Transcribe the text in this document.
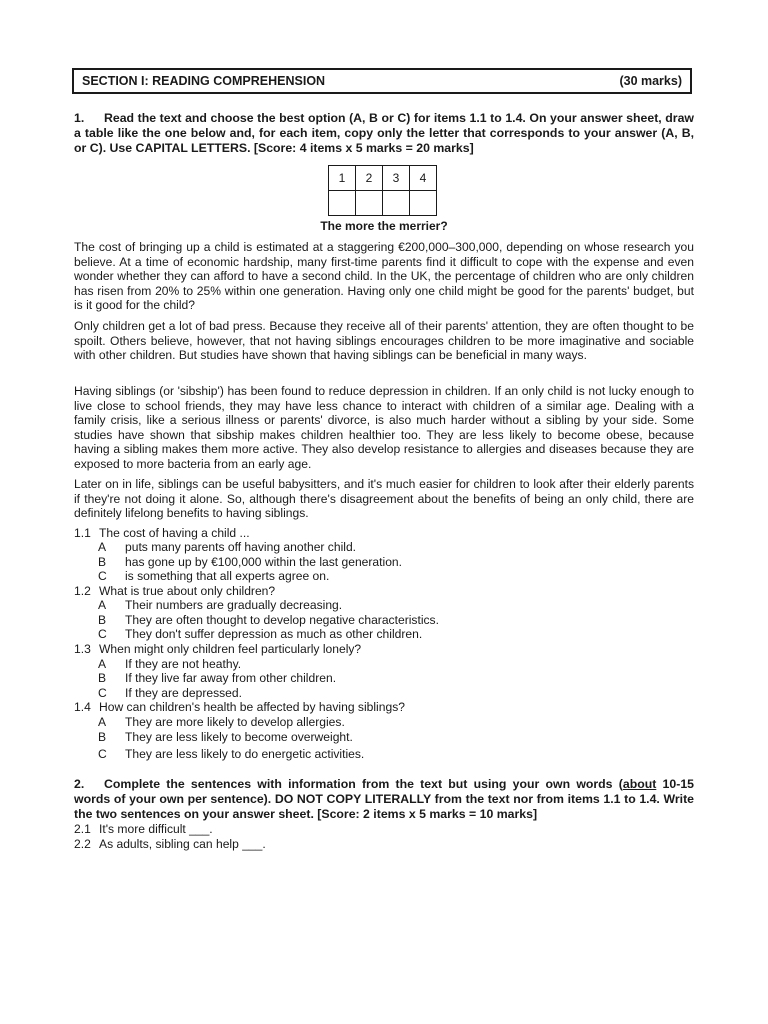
SECTION I: READING COMPREHENSION	(30 marks)
1. Read the text and choose the best option (A, B or C) for items 1.1 to 1.4. On your answer sheet, draw a table like the one below and, for each item, copy only the letter that corresponds to your answer (A, B, or C). Use CAPITAL LETTERS. [Score: 4 items x 5 marks = 20 marks]
1	2	3	4

The more the merrier?
The cost of bringing up a child is estimated at a staggering €200,000–300,000, depending on whose research you believe. At a time of economic hardship, many first-time parents find it difficult to cope with the expense and even wonder whether they can afford to have a second child. In the UK, the percentage of children who are only children has risen from 20% to 25% within one generation. Having only one child might be good for the parents' budget, but is it good for the child?
Only children get a lot of bad press. Because they receive all of their parents' attention, they are often thought to be spoilt. Others believe, however, that not having siblings encourages children to be more imaginative and sociable with other children. But studies have shown that having siblings can be beneficial in many ways.
Having siblings (or 'sibship') has been found to reduce depression in children. If an only child is not lucky enough to live close to school friends, they may have less chance to interact with children of a similar age. Dealing with a family crisis, like a serious illness or parents' divorce, is also much harder without a sibling by your side. Some studies have shown that sibship makes children healthier too. They are less likely to become obese, because having a sibling makes them more active. They also develop resistance to allergies and diseases because they are exposed to more bacteria from an early age.
Later on in life, siblings can be useful babysitters, and it's much easier for children to look after their elderly parents if they're not doing it alone. So, although there's disagreement about the benefits of being an only child, there are definitely lifelong benefits to having siblings.
1.1 The cost of having a child ...
A puts many parents off having another child.
B has gone up by €100,000 within the last generation.
C is something that all experts agree on.
1.2 What is true about only children?
A Their numbers are gradually decreasing.
B They are often thought to develop negative characteristics.
C They don't suffer depression as much as other children.
1.3 When might only children feel particularly lonely?
A If they are not heathy.
B If they live far away from other children.
C If they are depressed.
1.4 How can children's health be affected by having siblings?
A They are more likely to develop allergies.
B They are less likely to become overweight.
C They are less likely to do energetic activities.
2. Complete the sentences with information from the text but using your own words (about 10-15 words of your own per sentence). DO NOT COPY LITERALLY from the text nor from items 1.1 to 1.4. Write the two sentences on your answer sheet. [Score: 2 items x 5 marks = 10 marks]
2.1 It's more difficult ___.
2.2 As adults, sibling can help ___.
